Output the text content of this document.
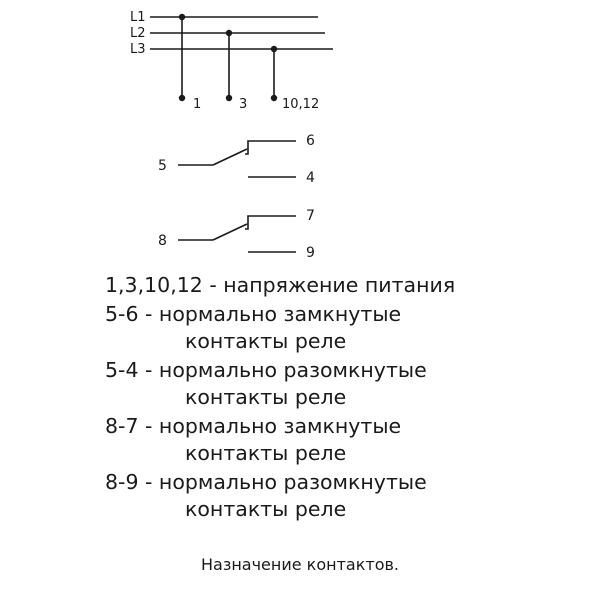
L1
L2
L3
1	3	10,12
5
6
4
8
7
9
1,3,10,12 - напряжение питания
5-6 - нормально замкнутые
контакты реле
5-4 - нормально разомкнутые
контакты реле
8-7 - нормально замкнутые
контакты реле
8-9 - нормально разомкнутые
контакты реле
Назначение контактов.
